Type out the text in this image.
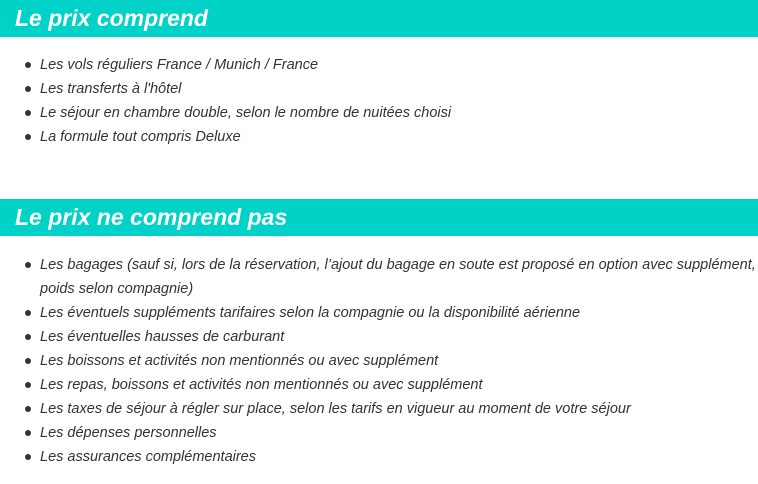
Le prix comprend
Les vols réguliers France / Munich / France
Les transferts à l'hôtel
Le séjour en chambre double, selon le nombre de nuitées choisi
La formule tout compris Deluxe
Le prix ne comprend pas
Les bagages (sauf si, lors de la réservation, l’ajout du bagage en soute est proposé en option avec supplément, poids selon compagnie)
Les éventuels suppléments tarifaires selon la compagnie ou la disponibilité aérienne
Les éventuelles hausses de carburant
Les boissons et activités non mentionnés ou avec supplément
Les repas, boissons et activités non mentionnés ou avec supplément
Les taxes de séjour à régler sur place, selon les tarifs en vigueur au moment de votre séjour
Les dépenses personnelles
Les assurances complémentaires
